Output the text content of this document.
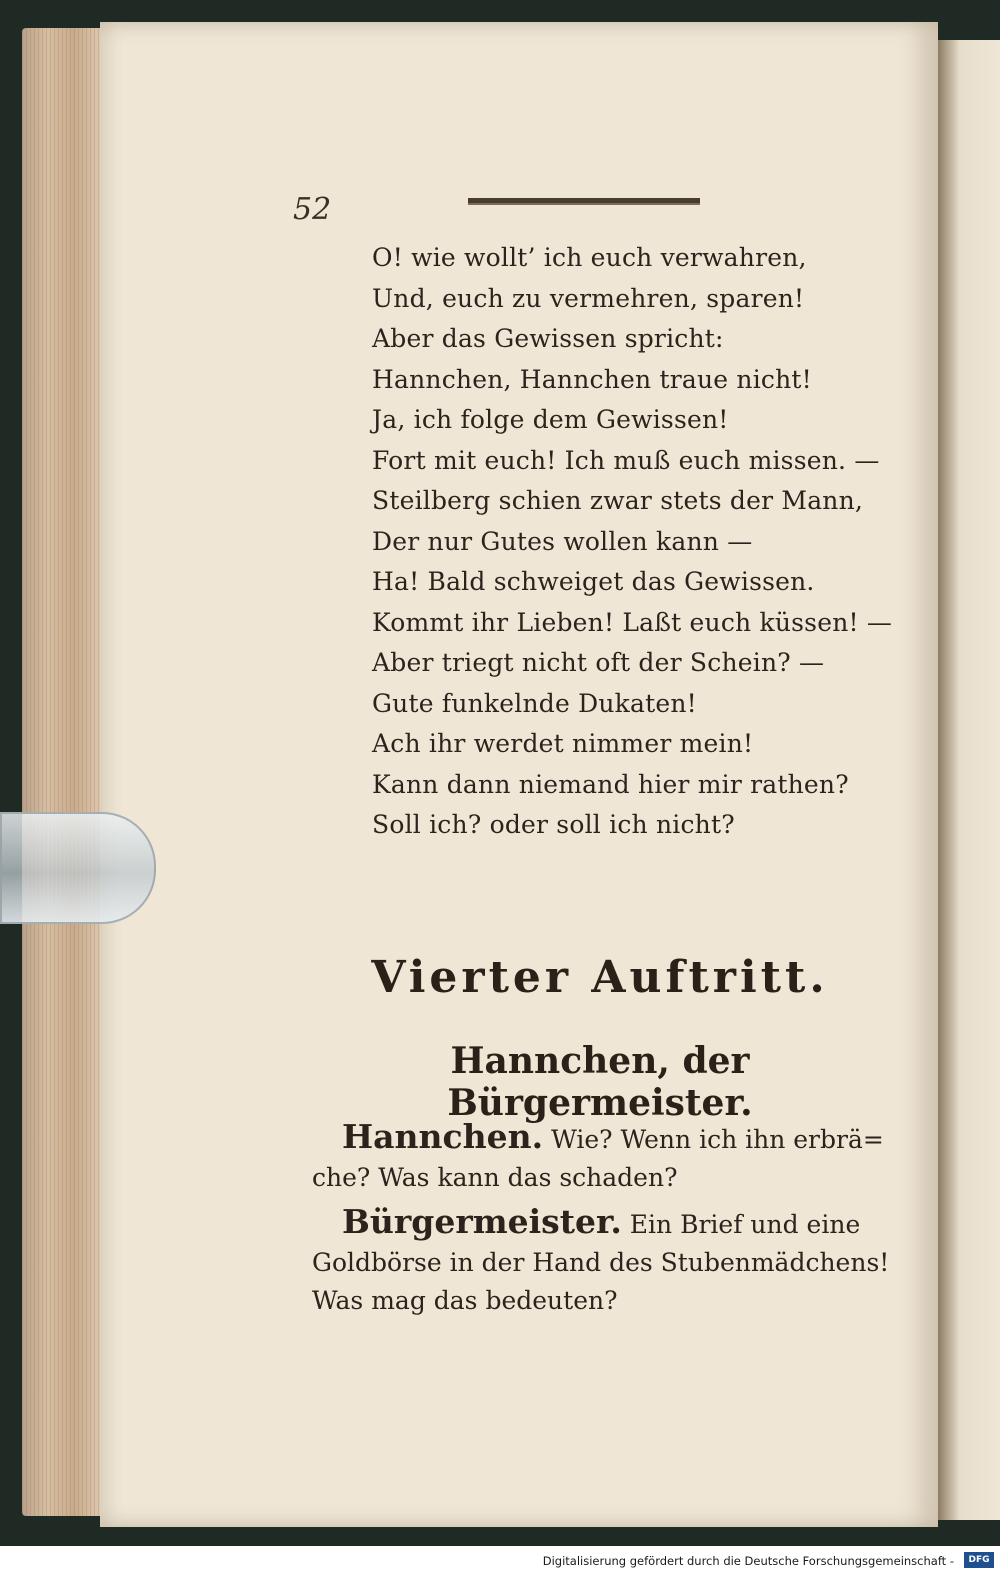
52
O! wie wollt’ ich euch verwahren,
Und, euch zu vermehren, sparen!
Aber das Gewissen spricht:
Hannchen, Hannchen traue nicht!
Ja, ich folge dem Gewissen!
Fort mit euch! Ich muß euch missen. —
Steilberg schien zwar stets der Mann,
Der nur Gutes wollen kann —
Ha! Bald schweiget das Gewissen.
Kommt ihr Lieben! Laßt euch küssen! —
Aber triegt nicht oft der Schein? —
Gute funkelnde Dukaten!
Ach ihr werdet nimmer mein!
Kann dann niemand hier mir rathen?
Soll ich? oder soll ich nicht?
Vierter Auftritt.
Hannchen, der Bürgermeister.

Hannchen. Wie? Wenn ich ihn erbrä= che? Was kann das schaden?

Bürgermeister. Ein Brief und eine Goldbörse in der Hand des Stubenmädchens! Was mag das bedeuten?

Digitalisierung gefördert durch die Deutsche Forschungsgemeinschaft -	DFG
